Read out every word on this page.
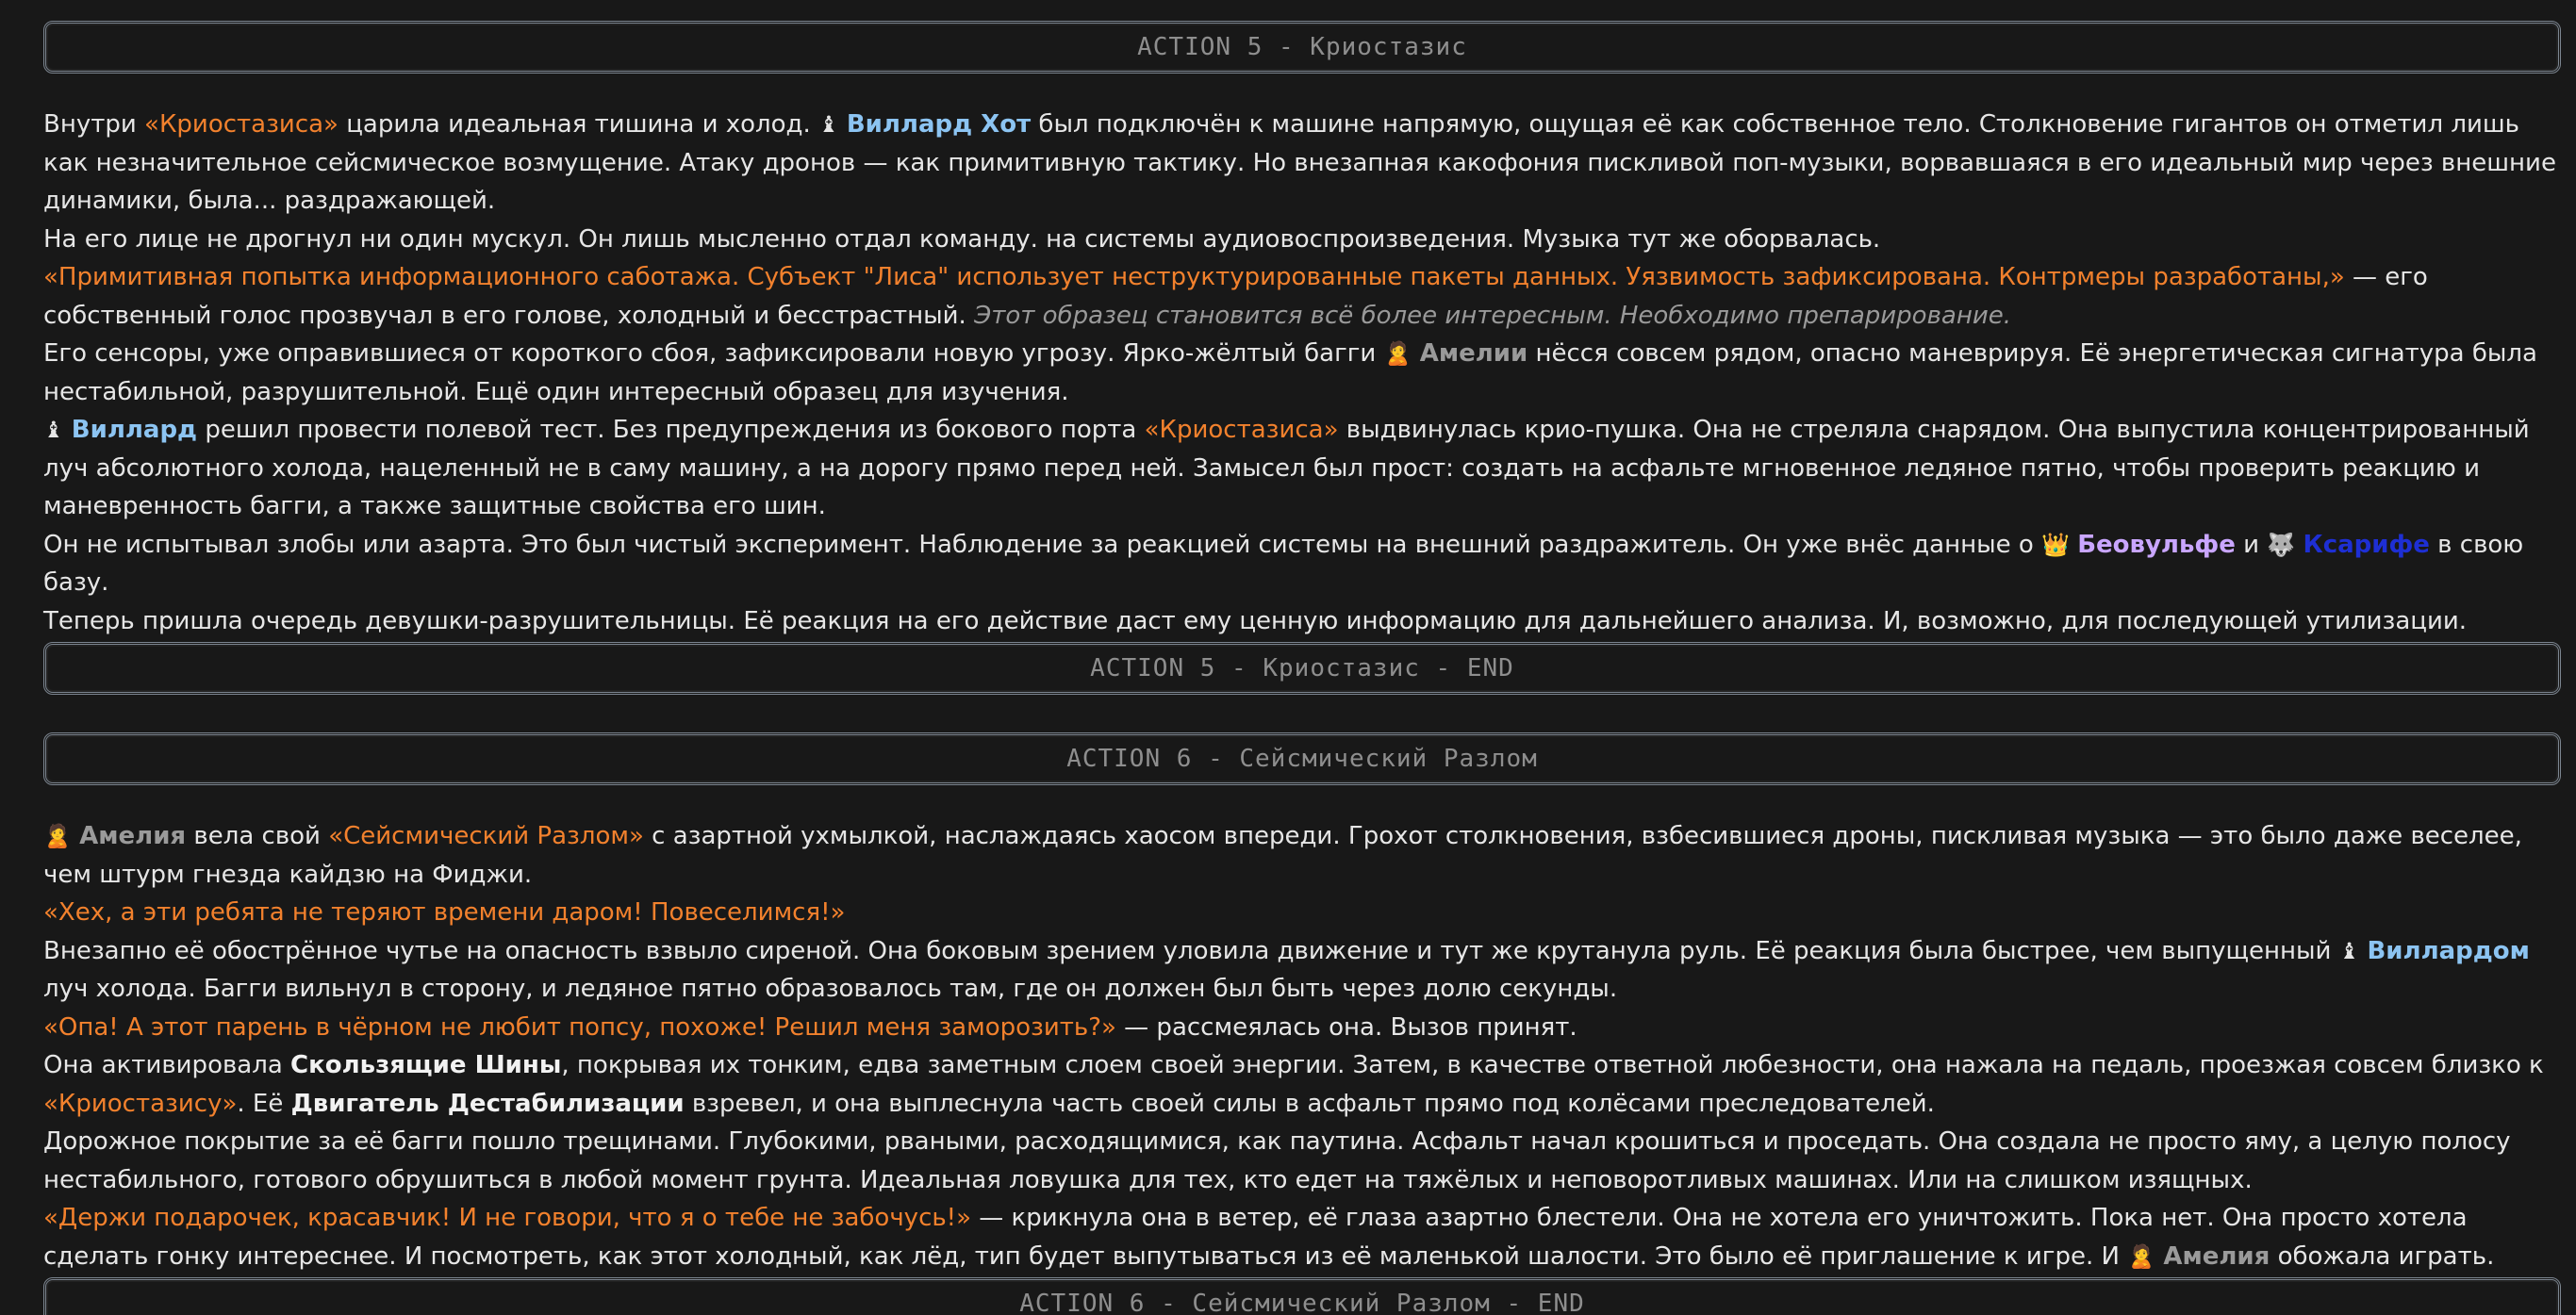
ACTION 5 - Криостазис

Внутри «Криостазиса» царила идеальная тишина и холод. ♝ Виллард Хот был подключён к машине напрямую, ощущая её как собственное тело. Столкновение гигантов он отметил лишь как незначительное сейсмическое возмущение. Атаку дронов — как примитивную тактику. Но внезапная какофония пискливой поп-музыки, ворвавшаяся в его идеальный мир через внешние динамики, была... раздражающей.

На его лице не дрогнул ни один мускул. Он лишь мысленно отдал команду. на системы аудиовоспроизведения. Музыка тут же оборвалась.

«Примитивная попытка информационного саботажа. Субъект "Лиса" использует неструктурированные пакеты данных. Уязвимость зафиксирована. Контрмеры разработаны,» — его собственный голос прозвучал в его голове, холодный и бесстрастный. Этот образец становится всё более интересным. Необходимо препарирование.

Его сенсоры, уже оправившиеся от короткого сбоя, зафиксировали новую угрозу. Ярко-жёлтый багги 🙎 Амелии нёсся совсем рядом, опасно маневрируя. Её энергетическая сигнатура была нестабильной, разрушительной. Ещё один интересный образец для изучения.

♝ Виллард решил провести полевой тест. Без предупреждения из бокового порта «Криостазиса» выдвинулась крио-пушка. Она не стреляла снарядом. Она выпустила концентрированный луч абсолютного холода, нацеленный не в саму машину, а на дорогу прямо перед ней. Замысел был прост: создать на асфальте мгновенное ледяное пятно, чтобы проверить реакцию и маневренность багги, а также защитные свойства его шин.

Он не испытывал злобы или азарта. Это был чистый эксперимент. Наблюдение за реакцией системы на внешний раздражитель. Он уже внёс данные о 👑 Беовульфе и 🐺 Ксарифе в свою базу.

Теперь пришла очередь девушки-разрушительницы. Её реакция на его действие даст ему ценную информацию для дальнейшего анализа. И, возможно, для последующей утилизации.

ACTION 5 - Криостазис - END
ACTION 6 - Сейсмический Разлом

🙎 Амелия вела свой «Сейсмический Разлом» с азартной ухмылкой, наслаждаясь хаосом впереди. Грохот столкновения, взбесившиеся дроны, пискливая музыка — это было даже веселее, чем штурм гнезда кайдзю на Фиджи.

«Хех, а эти ребята не теряют времени даром! Повеселимся!»

Внезапно её обострённое чутье на опасность взвыло сиреной. Она боковым зрением уловила движение и тут же крутанула руль. Её реакция была быстрее, чем выпущенный ♝ Виллардом луч холода. Багги вильнул в сторону, и ледяное пятно образовалось там, где он должен был быть через долю секунды.

«Опа! А этот парень в чёрном не любит попсу, похоже! Решил меня заморозить?» — рассмеялась она. Вызов принят.

Она активировала Скользящие Шины, покрывая их тонким, едва заметным слоем своей энергии. Затем, в качестве ответной любезности, она нажала на педаль, проезжая совсем близко к «Криостазису». Её Двигатель Дестабилизации взревел, и она выплеснула часть своей силы в асфальт прямо под колёсами преследователей.

Дорожное покрытие за её багги пошло трещинами. Глубокими, рваными, расходящимися, как паутина. Асфальт начал крошиться и проседать. Она создала не просто яму, а целую полосу нестабильного, готового обрушиться в любой момент грунта. Идеальная ловушка для тех, кто едет на тяжёлых и неповоротливых машинах. Или на слишком изящных.

«Держи подарочек, красавчик! И не говори, что я о тебе не забочусь!» — крикнула она в ветер, её глаза азартно блестели. Она не хотела его уничтожить. Пока нет. Она просто хотела сделать гонку интереснее. И посмотреть, как этот холодный, как лёд, тип будет выпутываться из её маленькой шалости. Это было её приглашение к игре. И 🙎 Амелия обожала играть.

ACTION 6 - Сейсмический Разлом - END
